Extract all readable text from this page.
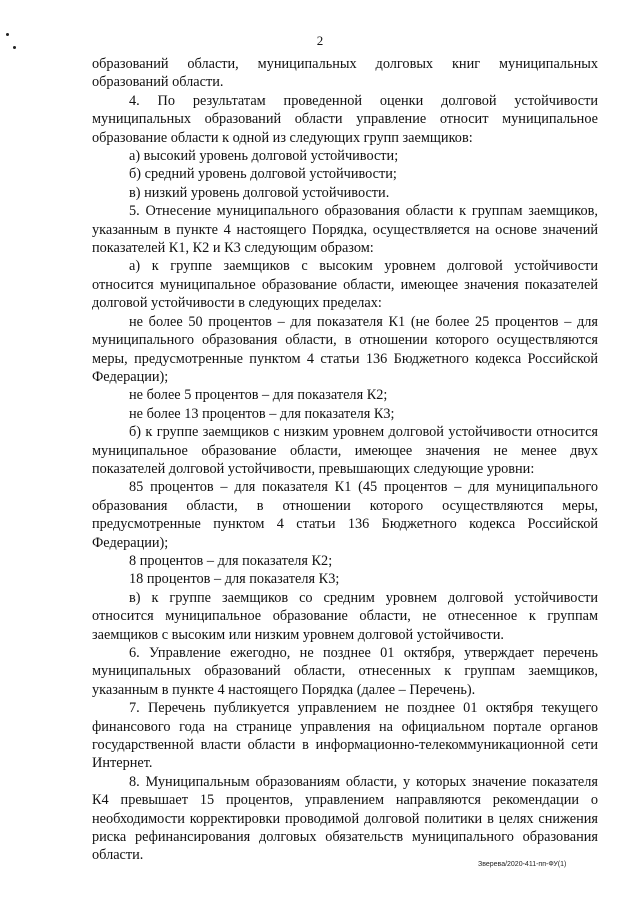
2

образований области, муниципальных долговых книг муниципальных образований области.

4. По результатам проведенной оценки долговой устойчивости муниципальных образований области управление относит муниципальное образование области к одной из следующих групп заемщиков:

а) высокий уровень долговой устойчивости;

б) средний уровень долговой устойчивости;

в) низкий уровень долговой устойчивости.

5. Отнесение муниципального образования области к группам заемщиков, указанным в пункте 4 настоящего Порядка, осуществляется на основе значений показателей К1, К2 и К3 следующим образом:

а) к группе заемщиков с высоким уровнем долговой устойчивости относится муниципальное образование области, имеющее значения показателей долговой устойчивости в следующих пределах:

не более 50 процентов – для показателя К1 (не более 25 процентов – для муниципального образования области, в отношении которого осуществляются меры, предусмотренные пунктом 4 статьи 136 Бюджетного кодекса Российской Федерации);

не более 5 процентов – для показателя К2;

не более 13 процентов – для показателя К3;

б) к группе заемщиков с низким уровнем долговой устойчивости относится муниципальное образование области, имеющее значения не менее двух показателей долговой устойчивости, превышающих следующие уровни:

85 процентов – для показателя К1 (45 процентов – для муниципального образования области, в отношении которого осуществляются меры, предусмотренные пунктом 4 статьи 136 Бюджетного кодекса Российской Федерации);

8 процентов – для показателя К2;

18 процентов – для показателя К3;

в) к группе заемщиков со средним уровнем долговой устойчивости относится муниципальное образование области, не отнесенное к группам заемщиков с высоким или низким уровнем долговой устойчивости.

6. Управление ежегодно, не позднее 01 октября, утверждает перечень муниципальных образований области, отнесенных к группам заемщиков, указанным в пункте 4 настоящего Порядка (далее – Перечень).

7. Перечень публикуется управлением не позднее 01 октября текущего финансового года на странице управления на официальном портале органов государственной власти области в информационно-телекоммуникационной сети Интернет.

8. Муниципальным образованиям области, у которых значение показателя К4 превышает 15 процентов, управлением направляются рекомендации о необходимости корректировки проводимой долговой политики в целях снижения риска рефинансирования долговых обязательств муниципального образования области.

Зверева/2020-411-пп-ФУ(1)
